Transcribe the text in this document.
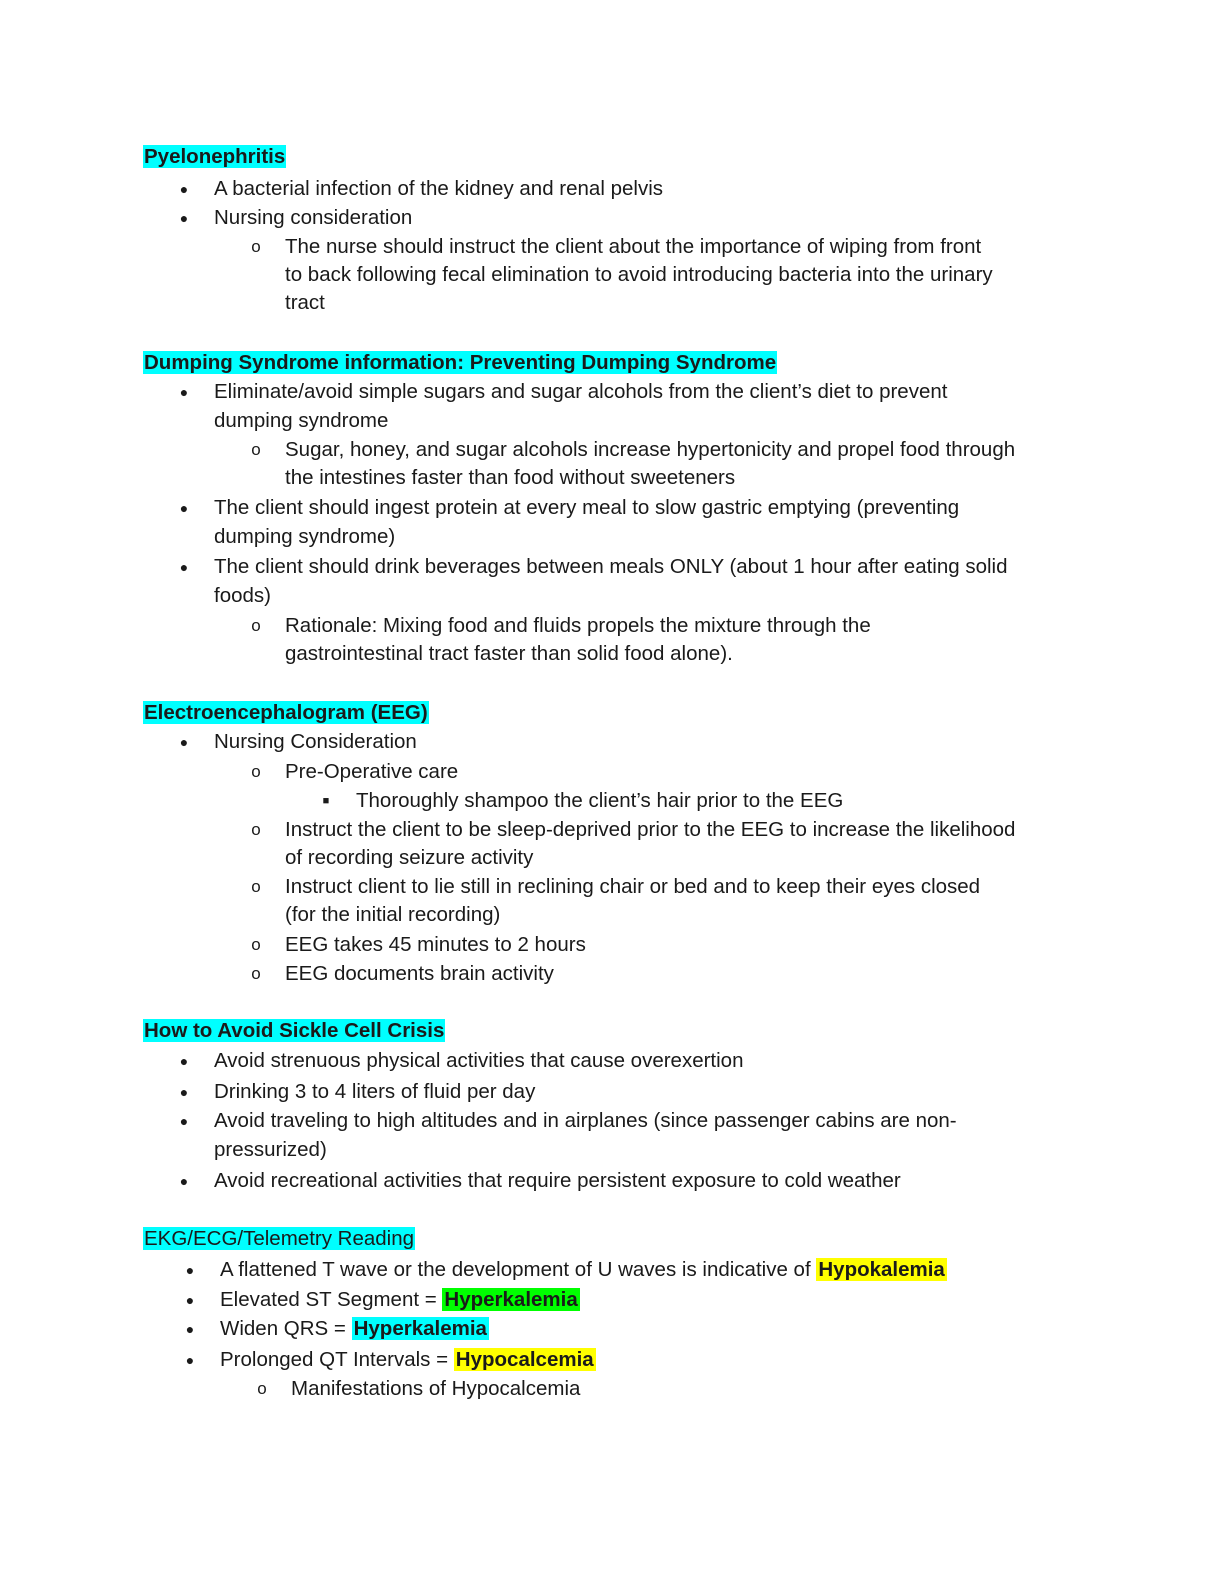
Pyelonephritis
● A bacterial infection of the kidney and renal pelvis
● Nursing consideration
o The nurse should instruct the client about the importance of wiping from front
to back following fecal elimination to avoid introducing bacteria into the urinary
tract
Dumping Syndrome information: Preventing Dumping Syndrome
● Eliminate/avoid simple sugars and sugar alcohols from the client’s diet to prevent
dumping syndrome
o Sugar, honey, and sugar alcohols increase hypertonicity and propel food through
the intestines faster than food without sweeteners
● The client should ingest protein at every meal to slow gastric emptying (preventing
dumping syndrome)
● The client should drink beverages between meals ONLY (about 1 hour after eating solid
foods)
o Rationale: Mixing food and fluids propels the mixture through the
gastrointestinal tract faster than solid food alone).
Electroencephalogram (EEG)
● Nursing Consideration
o Pre-Operative care
■ Thoroughly shampoo the client’s hair prior to the EEG
o Instruct the client to be sleep-deprived prior to the EEG to increase the likelihood
of recording seizure activity
o Instruct client to lie still in reclining chair or bed and to keep their eyes closed
(for the initial recording)
o EEG takes 45 minutes to 2 hours
o EEG documents brain activity
How to Avoid Sickle Cell Crisis
● Avoid strenuous physical activities that cause overexertion
● Drinking 3 to 4 liters of fluid per day
● Avoid traveling to high altitudes and in airplanes (since passenger cabins are non-
pressurized)
● Avoid recreational activities that require persistent exposure to cold weather
EKG/ECG/Telemetry Reading
● A flattened T wave or the development of U waves is indicative of Hypokalemia
● Elevated ST Segment = Hyperkalemia
● Widen QRS = Hyperkalemia
● Prolonged QT Intervals = Hypocalcemia
o Manifestations of Hypocalcemia
